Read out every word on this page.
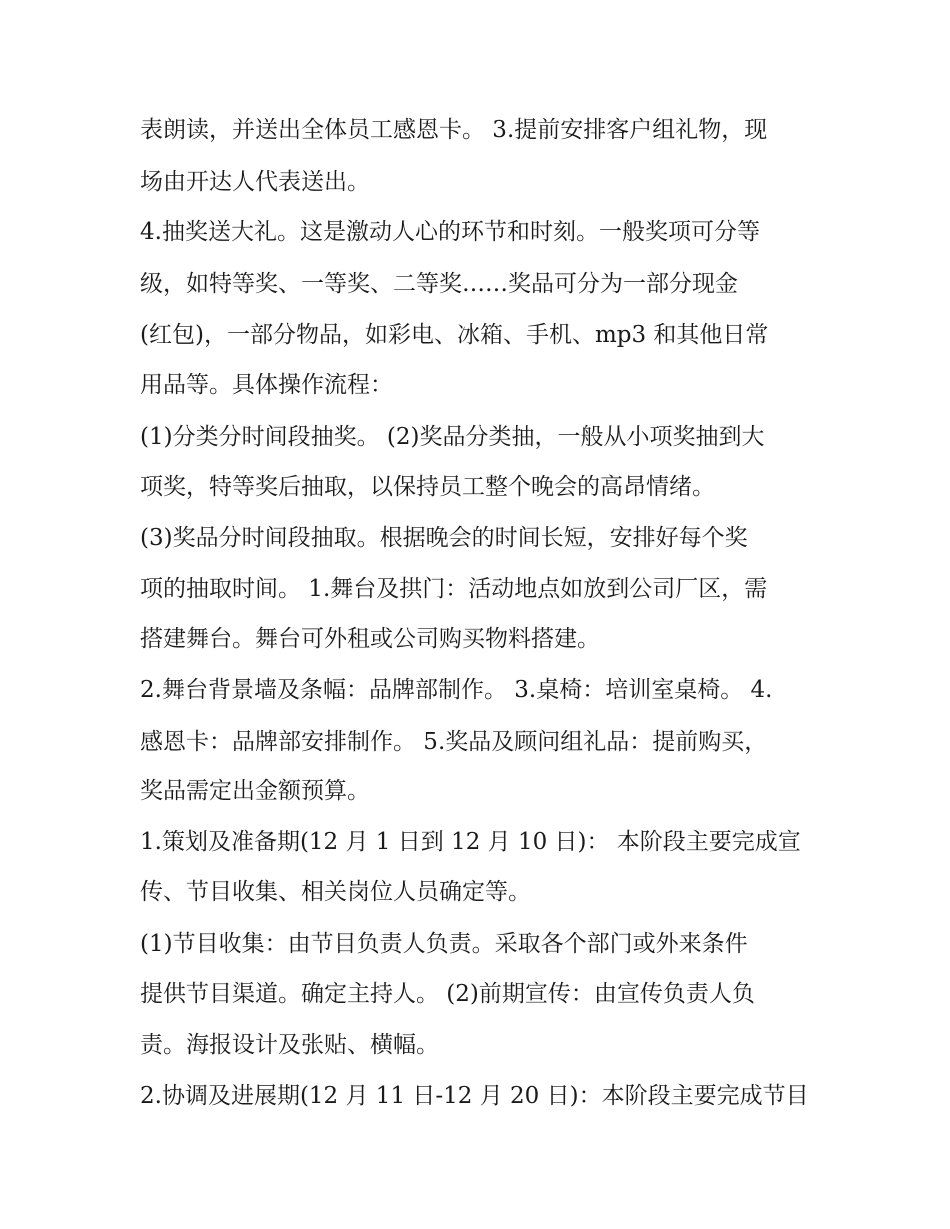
表朗读，并送出全体员工感恩卡。 3.提前安排客户组礼物，现
场由开达人代表送出。
4.抽奖送大礼。这是激动人心的环节和时刻。一般奖项可分等
级，如特等奖、一等奖、二等奖……奖品可分为一部分现金
(红包)，一部分物品，如彩电、冰箱、手机、mp3 和其他日常
用品等。具体操作流程：
(1)分类分时间段抽奖。 (2)奖品分类抽，一般从小项奖抽到大
项奖，特等奖后抽取，以保持员工整个晚会的高昂情绪。
(3)奖品分时间段抽取。根据晚会的时间长短，安排好每个奖
项的抽取时间。 1.舞台及拱门：活动地点如放到公司厂区，需
搭建舞台。舞台可外租或公司购买物料搭建。
2.舞台背景墙及条幅：品牌部制作。 3.桌椅：培训室桌椅。 4.
感恩卡：品牌部安排制作。 5.奖品及顾问组礼品：提前购买，
奖品需定出金额预算。
1.策划及准备期(12 月 1 日到 12 月 10 日)： 本阶段主要完成宣
传、节目收集、相关岗位人员确定等。
(1)节目收集：由节目负责人负责。采取各个部门或外来条件
提供节目渠道。确定主持人。 (2)前期宣传：由宣传负责人负
责。海报设计及张贴、横幅。
2.协调及进展期(12 月 11 日-12 月 20 日)：本阶段主要完成节目
